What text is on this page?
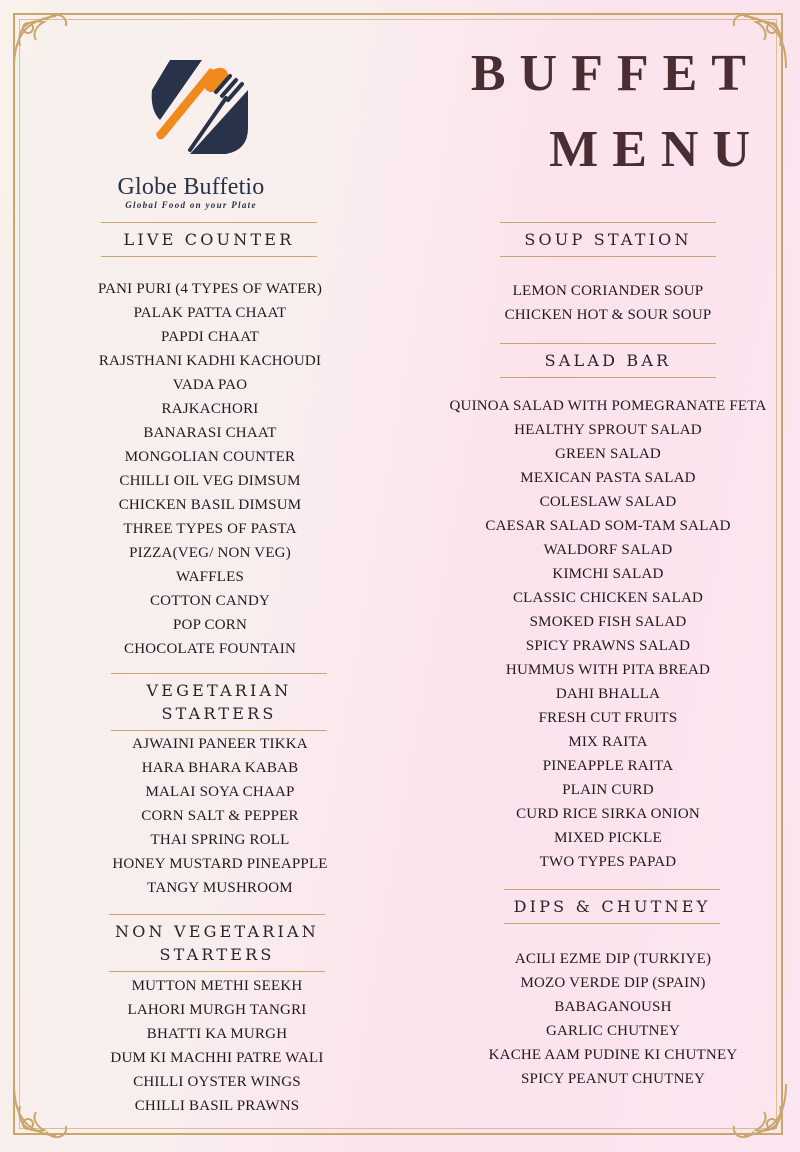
Globe Buffetio
Global Food on your Plate
BUFFET
MENU
LIVE COUNTER
PANI PURI (4 TYPES OF WATER)
PALAK PATTA CHAAT
PAPDI CHAAT
RAJSTHANI KADHI KACHOUDI
VADA PAO
RAJKACHORI
BANARASI CHAAT
MONGOLIAN COUNTER
CHILLI OIL VEG DIMSUM
CHICKEN BASIL DIMSUM
THREE TYPES OF PASTA
PIZZA(VEG/ NON VEG)
WAFFLES
COTTON CANDY
POP CORN
CHOCOLATE FOUNTAIN
VEGETARIAN
STARTERS
AJWAINI PANEER TIKKA
HARA BHARA KABAB
MALAI SOYA CHAAP
CORN SALT & PEPPER
THAI SPRING ROLL
HONEY MUSTARD PINEAPPLE
TANGY MUSHROOM
NON VEGETARIAN
STARTERS
MUTTON METHI SEEKH
LAHORI MURGH TANGRI
BHATTI KA MURGH
DUM KI MACHHI PATRE WALI
CHILLI OYSTER WINGS
CHILLI BASIL PRAWNS
SOUP STATION
LEMON CORIANDER SOUP
CHICKEN HOT & SOUR SOUP
SALAD BAR
QUINOA SALAD WITH POMEGRANATE FETA
HEALTHY SPROUT SALAD
GREEN SALAD
MEXICAN PASTA SALAD
COLESLAW SALAD
CAESAR SALAD SOM-TAM SALAD
WALDORF SALAD
KIMCHI SALAD
CLASSIC CHICKEN SALAD
SMOKED FISH SALAD
SPICY PRAWNS SALAD
HUMMUS WITH PITA BREAD
DAHI BHALLA
FRESH CUT FRUITS
MIX RAITA
PINEAPPLE RAITA
PLAIN CURD
CURD RICE SIRKA ONION
MIXED PICKLE
TWO TYPES PAPAD
DIPS & CHUTNEY
ACILI EZME DIP (TURKIYE)
MOZO VERDE DIP (SPAIN)
BABAGANOUSH
GARLIC CHUTNEY
KACHE AAM PUDINE KI CHUTNEY
SPICY PEANUT CHUTNEY
